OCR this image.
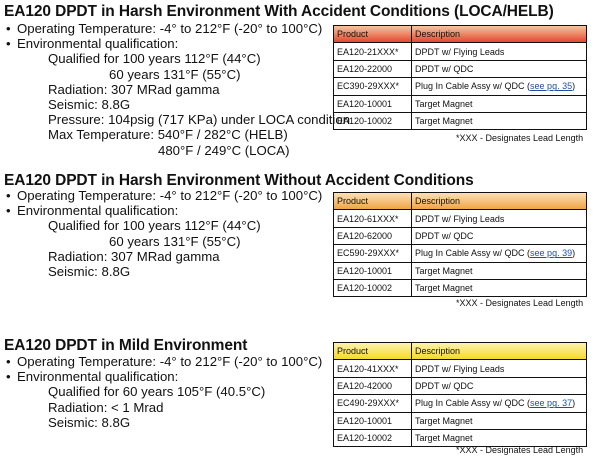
EA120 DPDT in Harsh Environment With Accident Conditions (LOCA/HELB)
• Operating Temperature: -4° to 212°F (-20° to 100°C)
• Environmental qualification:
Qualified for 100 years 112°F (44°C)
60 years 131°F (55°C)
Radiation: 307 MRad gamma
Seismic: 8.8G
Pressure: 104psig (717 KPa) under LOCA condition
Max Temperature: 540°F / 282°C (HELB)
480°F / 249°C (LOCA)
Product	Description
EA120-21XXX*	DPDT w/ Flying Leads
EA120-22000	DPDT w/ QDC
EC390-29XXX*	Plug In Cable Assy w/ QDC (see pg. 35)
EA120-10001	Target Magnet
EA120-10002	Target Magnet
*XXX - Designates Lead Length
EA120 DPDT in Harsh Environment Without Accident Conditions
• Operating Temperature: -4° to 212°F (-20° to 100°C)
• Environmental qualification:
Qualified for 100 years 112°F (44°C)
60 years 131°F (55°C)
Radiation: 307 MRad gamma
Seismic: 8.8G
Product	Description
EA120-61XXX*	DPDT w/ Flying Leads
EA120-62000	DPDT w/ QDC
EC590-29XXX*	Plug In Cable Assy w/ QDC (see pg. 39)
EA120-10001	Target Magnet
EA120-10002	Target Magnet
*XXX - Designates Lead Length
EA120 DPDT in Mild Environment
• Operating Temperature: -4° to 212°F (-20° to 100°C)
• Environmental qualification:
Qualified for 60 years 105°F (40.5°C)
Radiation: < 1 Mrad
Seismic: 8.8G
Product	Description
EA120-41XXX*	DPDT w/ Flying Leads
EA120-42000	DPDT w/ QDC
EC490-29XXX*	Plug In Cable Assy w/ QDC (see pg. 37)
EA120-10001	Target Magnet
EA120-10002	Target Magnet
*XXX - Designates Lead Length
